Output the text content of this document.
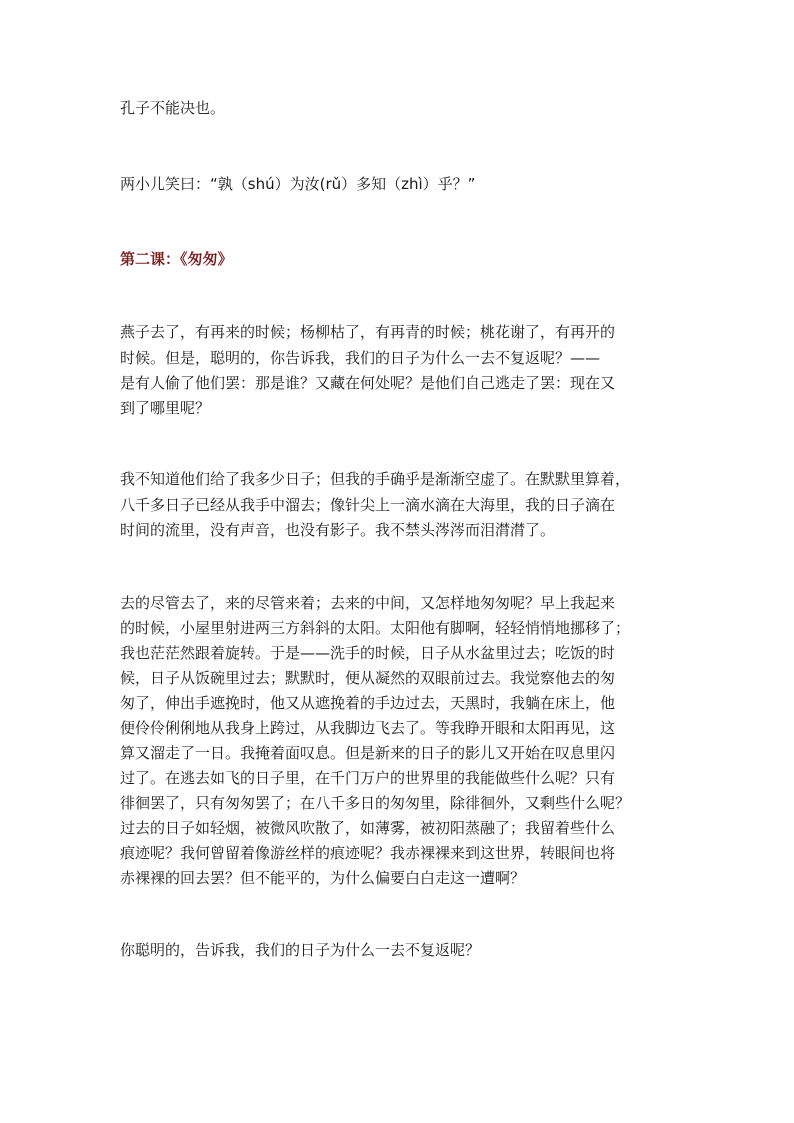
孔子不能决也。

两小儿笑曰：“孰（shú）为汝(rǔ）多知（zhì）乎？”

第二课：《匆匆》

燕子去了，有再来的时候；杨柳枯了，有再青的时候；桃花谢了，有再开的

时候。但是，聪明的，你告诉我，我们的日子为什么一去不复返呢？——

是有人偷了他们罢：那是谁？又藏在何处呢？是他们自己逃走了罢：现在又

到了哪里呢？

我不知道他们给了我多少日子；但我的手确乎是渐渐空虚了。在默默里算着，

八千多日子已经从我手中溜去；像针尖上一滴水滴在大海里，我的日子滴在

时间的流里，没有声音，也没有影子。我不禁头涔涔而泪潸潸了。

去的尽管去了，来的尽管来着；去来的中间，又怎样地匆匆呢？早上我起来

的时候，小屋里射进两三方斜斜的太阳。太阳他有脚啊，轻轻悄悄地挪移了；

我也茫茫然跟着旋转。于是——洗手的时候，日子从水盆里过去；吃饭的时

候，日子从饭碗里过去；默默时，便从凝然的双眼前过去。我觉察他去的匆

匆了，伸出手遮挽时，他又从遮挽着的手边过去，天黑时，我躺在床上，他

便伶伶俐俐地从我身上跨过，从我脚边飞去了。等我睁开眼和太阳再见，这

算又溜走了一日。我掩着面叹息。但是新来的日子的影儿又开始在叹息里闪

过了。在逃去如飞的日子里，在千门万户的世界里的我能做些什么呢？只有

徘徊罢了，只有匆匆罢了；在八千多日的匆匆里，除徘徊外，又剩些什么呢？

过去的日子如轻烟，被微风吹散了，如薄雾，被初阳蒸融了；我留着些什么

痕迹呢？我何曾留着像游丝样的痕迹呢？我赤裸裸来到这世界，转眼间也将

赤裸裸的回去罢？但不能平的，为什么偏要白白走这一遭啊？

你聪明的，告诉我，我们的日子为什么一去不复返呢？
